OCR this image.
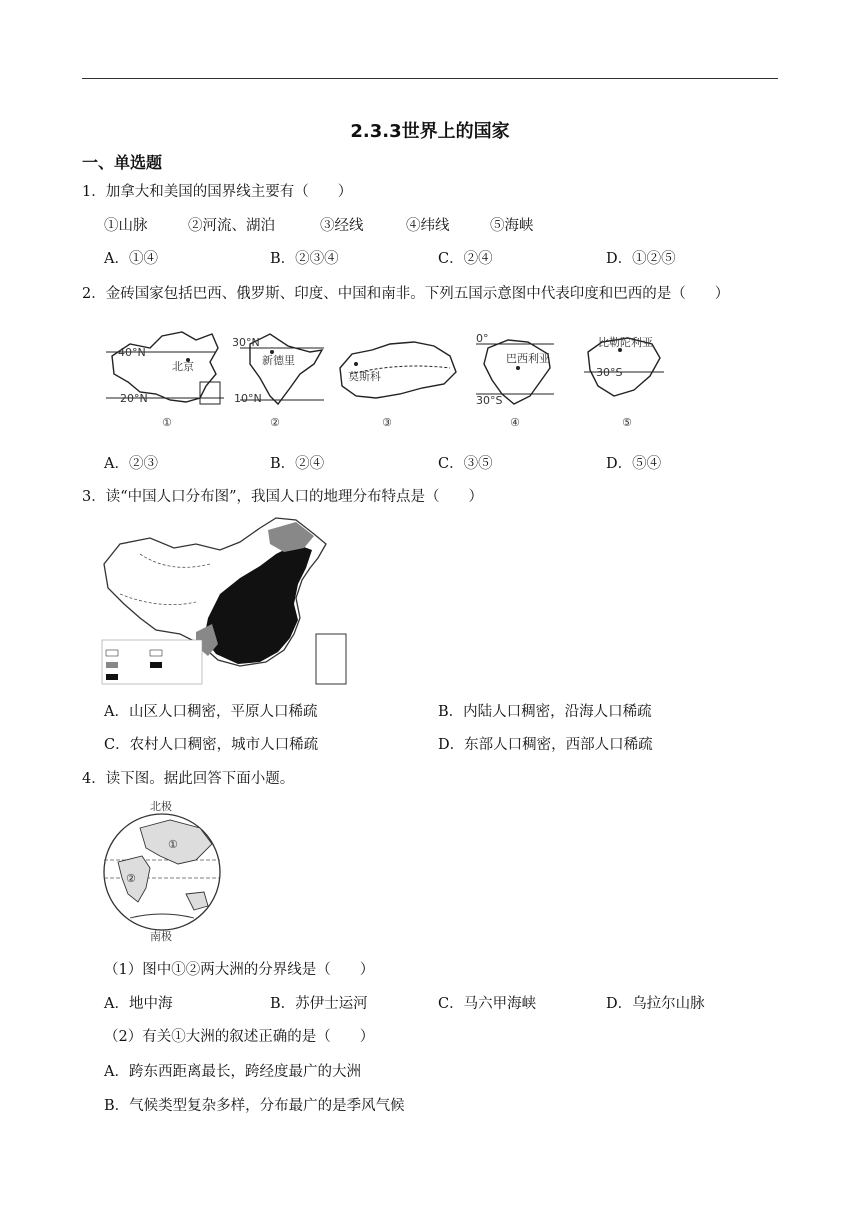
2.3.3世界上的国家
一、单选题
1．加拿大和美国的国界线主要有（　　）
①山脉	②河流、湖泊	③经线	④纬线	⑤海峡
A．①④	B．②③④	C．②④	D．①②⑤
2．金砖国家包括巴西、俄罗斯、印度、中国和南非。下列五国示意图中代表印度和巴西的是（　　）
40°N
20°N
北京
①
30°N
10°N
新德里
②
莫斯科
③
0°
30°S
巴西利亚
④
比勒陀利亚
30°S
⑤
A．②③	B．②④	C．③⑤	D．⑤④
3．读“中国人口分布图”，我国人口的地理分布特点是（　　）
A．山区人口稠密，平原人口稀疏	B．内陆人口稠密，沿海人口稀疏
C．农村人口稠密，城市人口稀疏	D．东部人口稠密，西部人口稀疏
4．读下图。据此回答下面小题。
北极
①
②
南极
（1）图中①②两大洲的分界线是（　　）
A．地中海	B．苏伊士运河	C．马六甲海峡	D．乌拉尔山脉
（2）有关①大洲的叙述正确的是（　　）
A．跨东西距离最长，跨经度最广的大洲
B．气候类型复杂多样，分布最广的是季风气候
